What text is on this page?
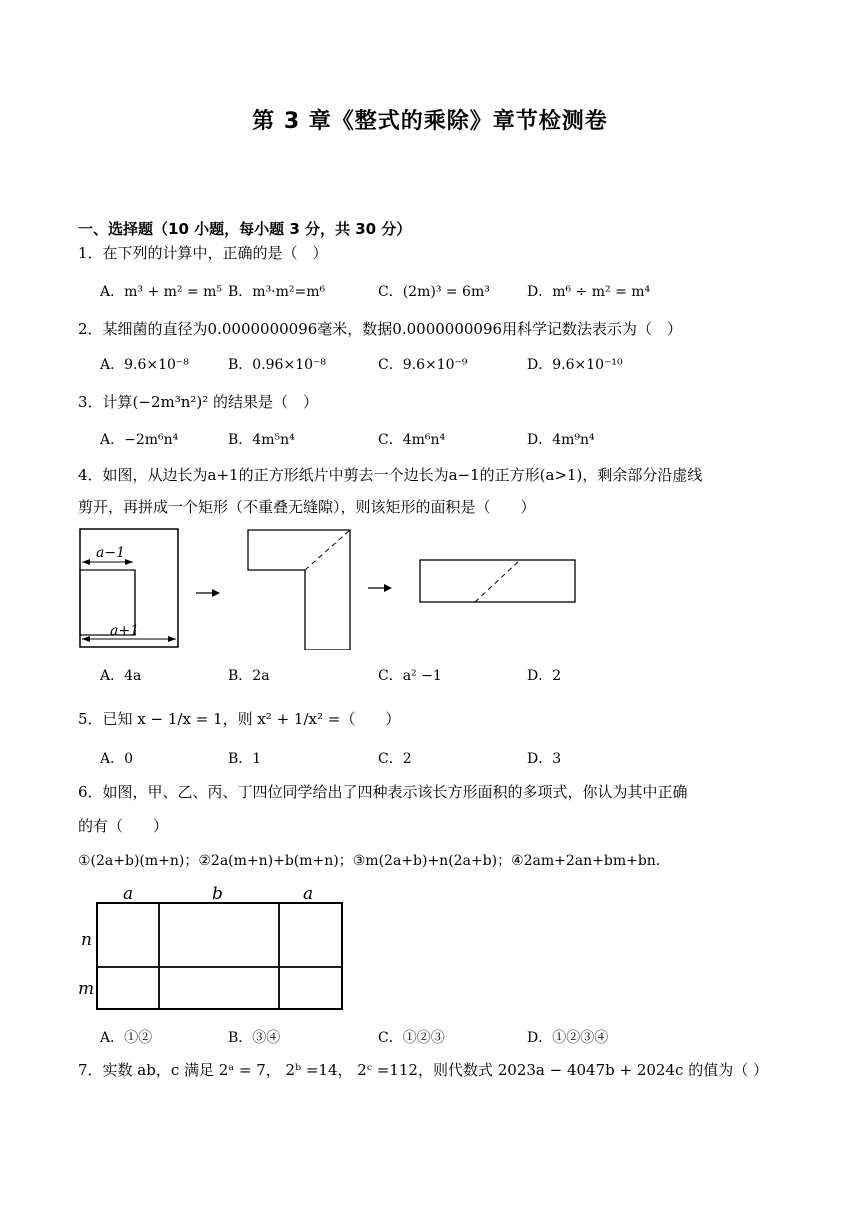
第 3 章《整式的乘除》章节检测卷
一、选择题（10 小题，每小题 3 分，共 30 分）
1．在下列的计算中，正确的是（　）
A．m³ + m² = m⁵ B．m³·m²=m⁶	C．(2m)³ = 6m³	D．m⁶ ÷ m² = m⁴
2．某细菌的直径为0.0000000096毫米，数据0.0000000096用科学记数法表示为（　）
A．9.6×10⁻⁸	B．0.96×10⁻⁸	C．9.6×10⁻⁹	D．9.6×10⁻¹⁰
3．计算(−2m³n²)² 的结果是（　）
A．−2m⁶n⁴	B．4m⁵n⁴	C．4m⁶n⁴	D．4m⁹n⁴
4．如图，从边长为a+1的正方形纸片中剪去一个边长为a−1的正方形(a>1)，剩余部分沿虚线
剪开，再拼成一个矩形（不重叠无缝隙），则该矩形的面积是（　　）
a−1
a+1
A．4a	B．2a	C．a² −1	D．2
5．已知 x − 1/x = 1，则 x² + 1/x² =（　　）
A．0	B．1	C．2	D．3
6．如图，甲、乙、丙、丁四位同学给出了四种表示该长方形面积的多项式，你认为其中正确
的有（　　）
①(2a+b)(m+n)；②2a(m+n)+b(m+n)；③m(2a+b)+n(2a+b)；④2am+2an+bm+bn．
a	b	a
n
m
A．①②	B．③④	C．①②③	D．①②③④
7．实数 ab，c 满足 2ᵃ = 7， 2ᵇ =14， 2ᶜ =112，则代数式 2023a − 4047b + 2024c 的值为（ ）
